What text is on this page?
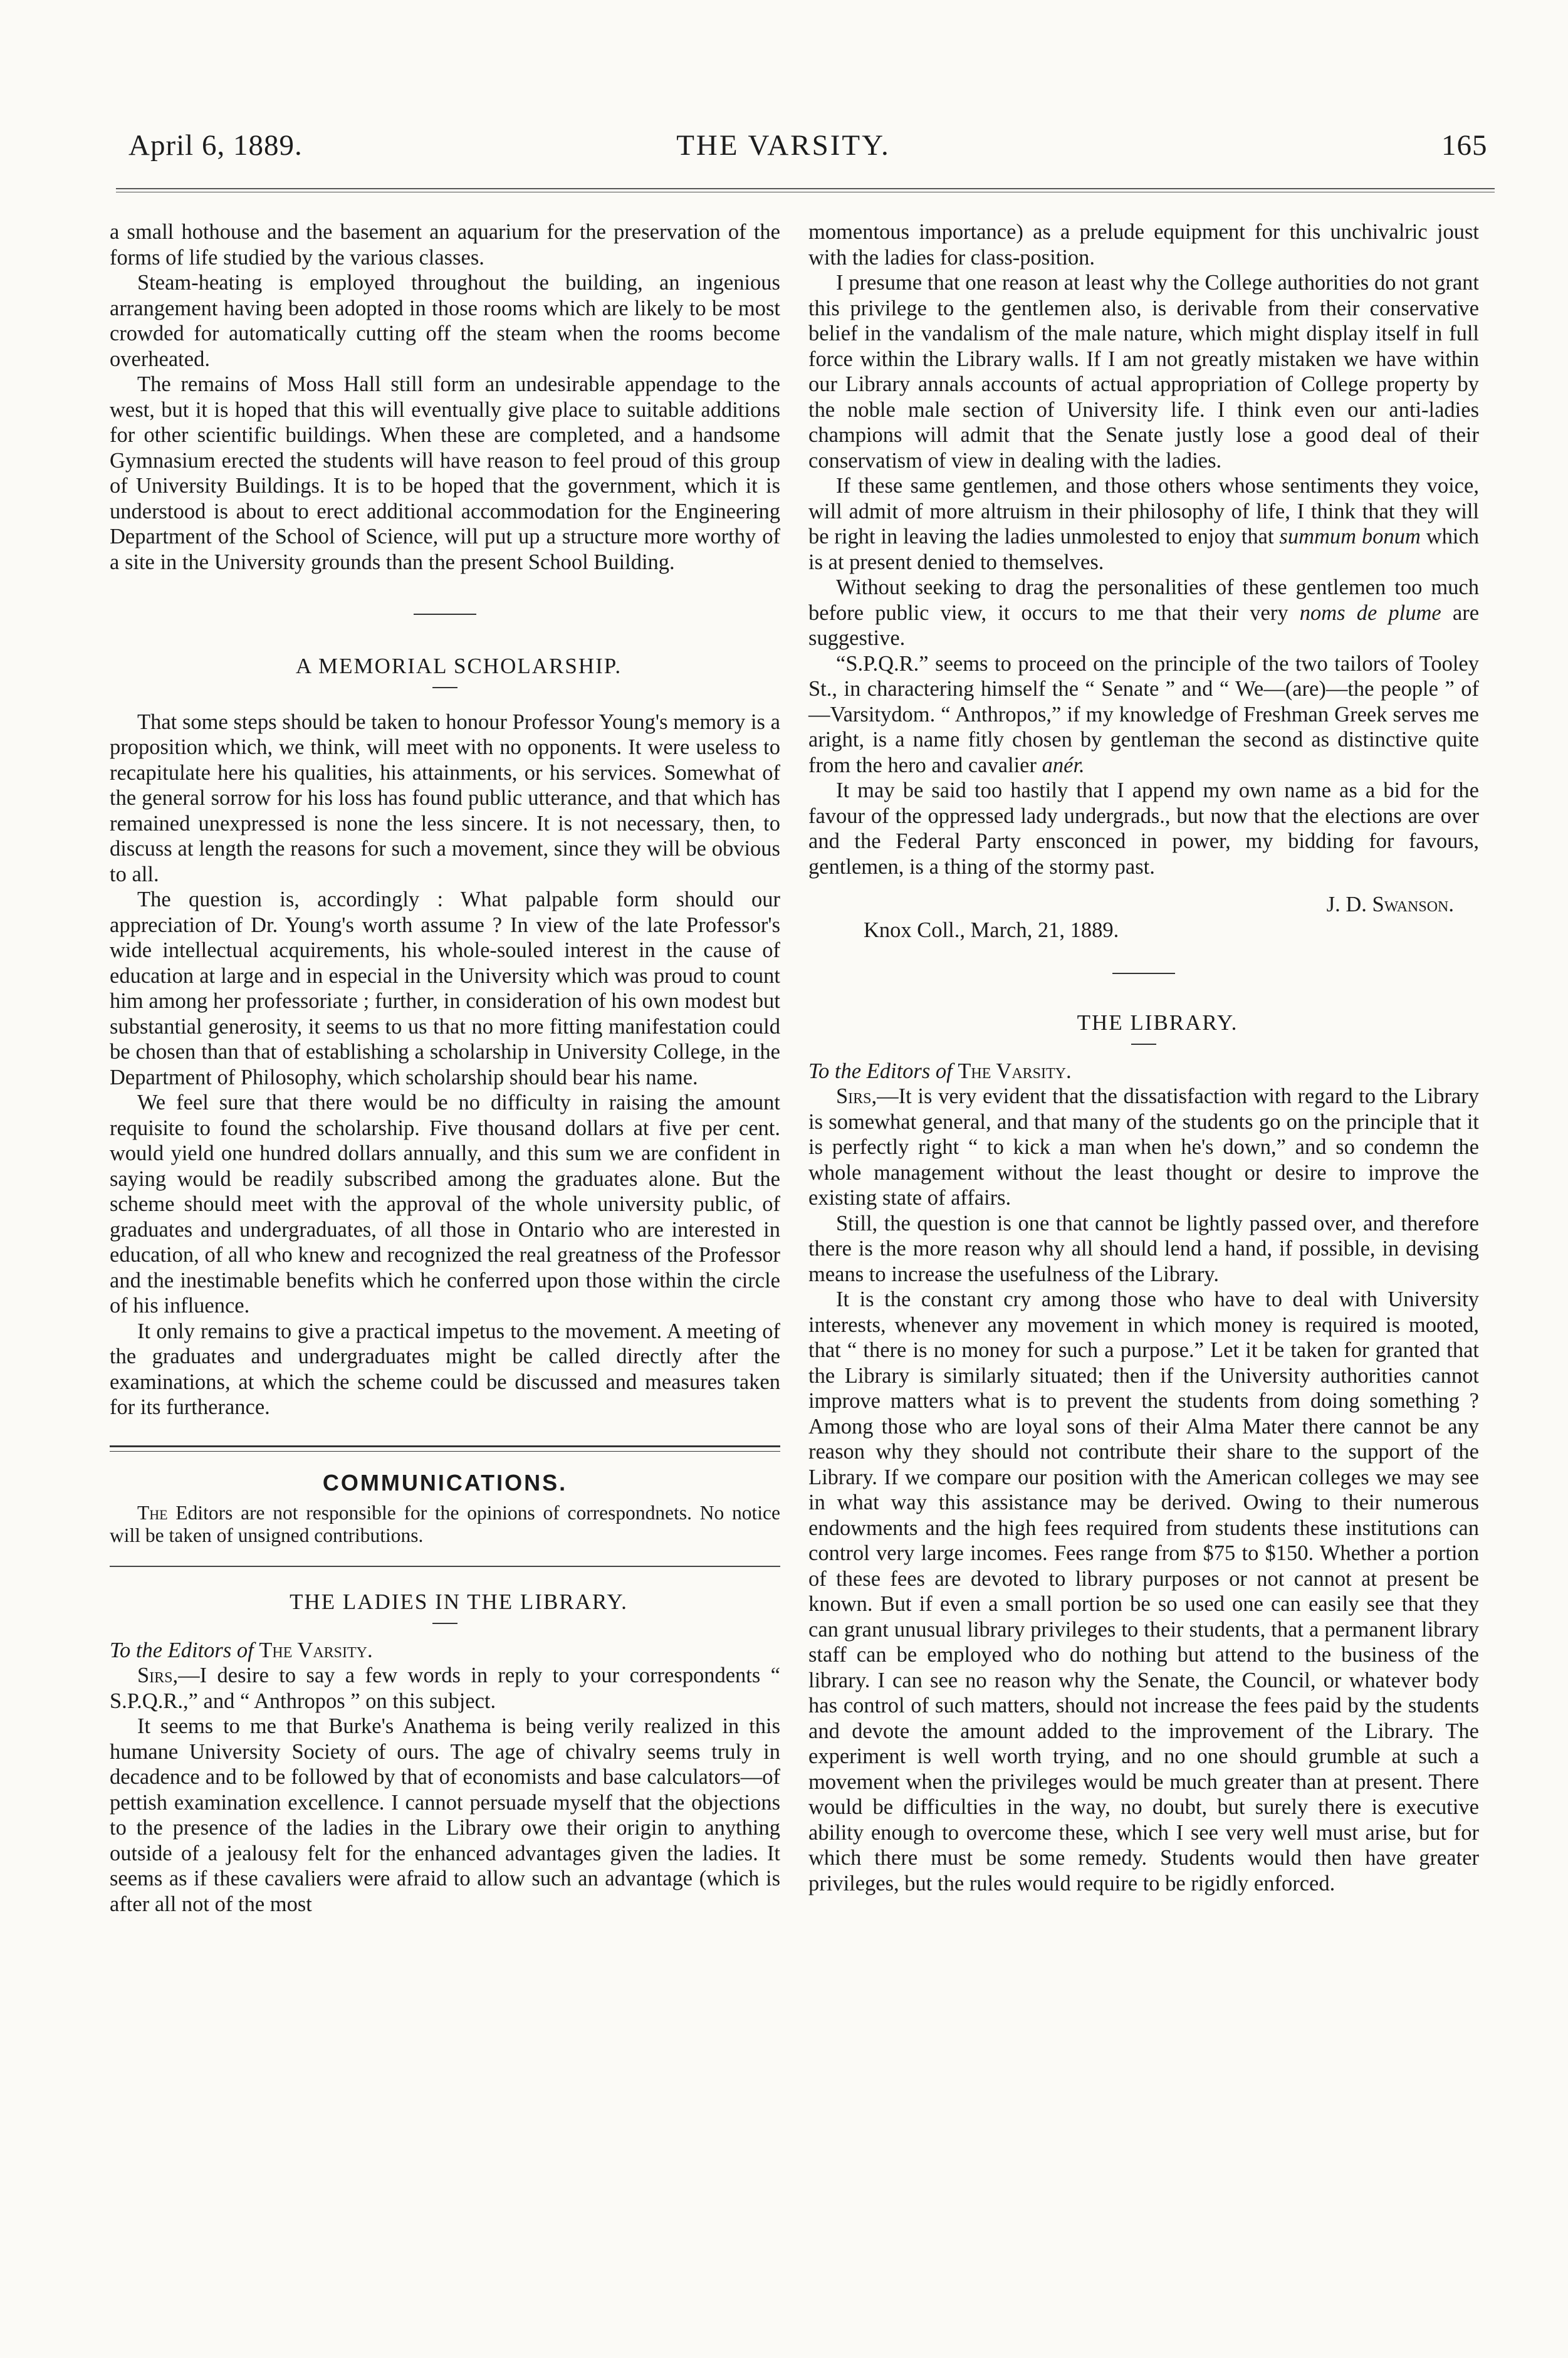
April 6, 1889.	THE VARSITY.	165

a small hothouse and the basement an aquarium for the preservation of the forms of life studied by the various classes.

Steam-heating is employed throughout the building, an ingenious arrangement having been adopted in those rooms which are likely to be most crowded for automatically cutting off the steam when the rooms become overheated.

The remains of Moss Hall still form an undesirable appendage to the west, but it is hoped that this will eventually give place to suitable additions for other scientific buildings. When these are completed, and a handsome Gymnasium erected the students will have reason to feel proud of this group of University Buildings. It is to be hoped that the government, which it is understood is about to erect additional accommodation for the Engineering Department of the School of Science, will put up a structure more worthy of a site in the University grounds than the present School Building.

A MEMORIAL SCHOLARSHIP.

That some steps should be taken to honour Professor Young's memory is a proposition which, we think, will meet with no opponents. It were useless to recapitulate here his qualities, his attainments, or his services. Somewhat of the general sorrow for his loss has found public utterance, and that which has remained unexpressed is none the less sincere. It is not necessary, then, to discuss at length the reasons for such a movement, since they will be obvious to all.

The question is, accordingly : What palpable form should our appreciation of Dr. Young's worth assume ? In view of the late Professor's wide intellectual acquirements, his whole-souled interest in the cause of education at large and in especial in the University which was proud to count him among her professoriate ; further, in consideration of his own modest but substantial generosity, it seems to us that no more fitting manifestation could be chosen than that of establishing a scholarship in University College, in the Department of Philosophy, which scholarship should bear his name.

We feel sure that there would be no difficulty in raising the amount requisite to found the scholarship. Five thousand dollars at five per cent. would yield one hundred dollars annually, and this sum we are confident in saying would be readily subscribed among the graduates alone. But the scheme should meet with the approval of the whole university public, of graduates and undergraduates, of all those in Ontario who are interested in education, of all who knew and recognized the real greatness of the Professor and the inestimable benefits which he conferred upon those within the circle of his influence.

It only remains to give a practical impetus to the movement. A meeting of the graduates and undergraduates might be called directly after the examinations, at which the scheme could be discussed and measures taken for its furtherance.

COMMUNICATIONS.

The Editors are not responsible for the opinions of correspondnets. No notice will be taken of unsigned contributions.

THE LADIES IN THE LIBRARY.

To the Editors of The Varsity.

Sirs,—I desire to say a few words in reply to your correspondents “ S.P.Q.R.,” and “ Anthropos ” on this subject.

It seems to me that Burke's Anathema is being verily realized in this humane University Society of ours. The age of chivalry seems truly in decadence and to be followed by that of economists and base calculators—of pettish examination excellence. I cannot persuade myself that the objections to the presence of the ladies in the Library owe their origin to anything outside of a jealousy felt for the enhanced advantages given the ladies. It seems as if these cavaliers were afraid to allow such an advantage (which is after all not of the most

momentous importance) as a prelude equipment for this unchivalric joust with the ladies for class-position.

I presume that one reason at least why the College authorities do not grant this privilege to the gentlemen also, is derivable from their conservative belief in the vandalism of the male nature, which might display itself in full force within the Library walls. If I am not greatly mistaken we have within our Library annals accounts of actual appropriation of College property by the noble male section of University life. I think even our anti-ladies champions will admit that the Senate justly lose a good deal of their conservatism of view in dealing with the ladies.

If these same gentlemen, and those others whose sentiments they voice, will admit of more altruism in their philosophy of life, I think that they will be right in leaving the ladies unmolested to enjoy that summum bonum which is at present denied to themselves.

Without seeking to drag the personalities of these gentlemen too much before public view, it occurs to me that their very noms de plume are suggestive.

“S.P.Q.R.” seems to proceed on the principle of the two tailors of Tooley St., in charactering himself the “ Senate ” and “ We—(are)—the people ” of—Varsitydom. “ Anthropos,” if my knowledge of Freshman Greek serves me aright, is a name fitly chosen by gentleman the second as distinctive quite from the hero and cavalier anér.

It may be said too hastily that I append my own name as a bid for the favour of the oppressed lady undergrads., but now that the elections are over and the Federal Party ensconced in power, my bidding for favours, gentlemen, is a thing of the stormy past.

J. D. Swanson.

Knox Coll., March, 21, 1889.

THE LIBRARY.

To the Editors of The Varsity.

Sirs,—It is very evident that the dissatisfaction with regard to the Library is somewhat general, and that many of the students go on the principle that it is perfectly right “ to kick a man when he's down,” and so condemn the whole management without the least thought or desire to improve the existing state of affairs.

Still, the question is one that cannot be lightly passed over, and therefore there is the more reason why all should lend a hand, if possible, in devising means to increase the usefulness of the Library.

It is the constant cry among those who have to deal with University interests, whenever any movement in which money is required is mooted, that “ there is no money for such a purpose.” Let it be taken for granted that the Library is similarly situated; then if the University authorities cannot improve matters what is to prevent the students from doing something ? Among those who are loyal sons of their Alma Mater there cannot be any reason why they should not contribute their share to the support of the Library. If we compare our position with the American colleges we may see in what way this assistance may be derived. Owing to their numerous endowments and the high fees required from students these institutions can control very large incomes. Fees range from $75 to $150. Whether a portion of these fees are devoted to library purposes or not cannot at present be known. But if even a small portion be so used one can easily see that they can grant unusual library privileges to their students, that a permanent library staff can be employed who do nothing but attend to the business of the library. I can see no reason why the Senate, the Council, or whatever body has control of such matters, should not increase the fees paid by the students and devote the amount added to the improvement of the Library. The experiment is well worth trying, and no one should grumble at such a movement when the privileges would be much greater than at present. There would be difficulties in the way, no doubt, but surely there is executive ability enough to overcome these, which I see very well must arise, but for which there must be some remedy. Students would then have greater privileges, but the rules would require to be rigidly enforced.
